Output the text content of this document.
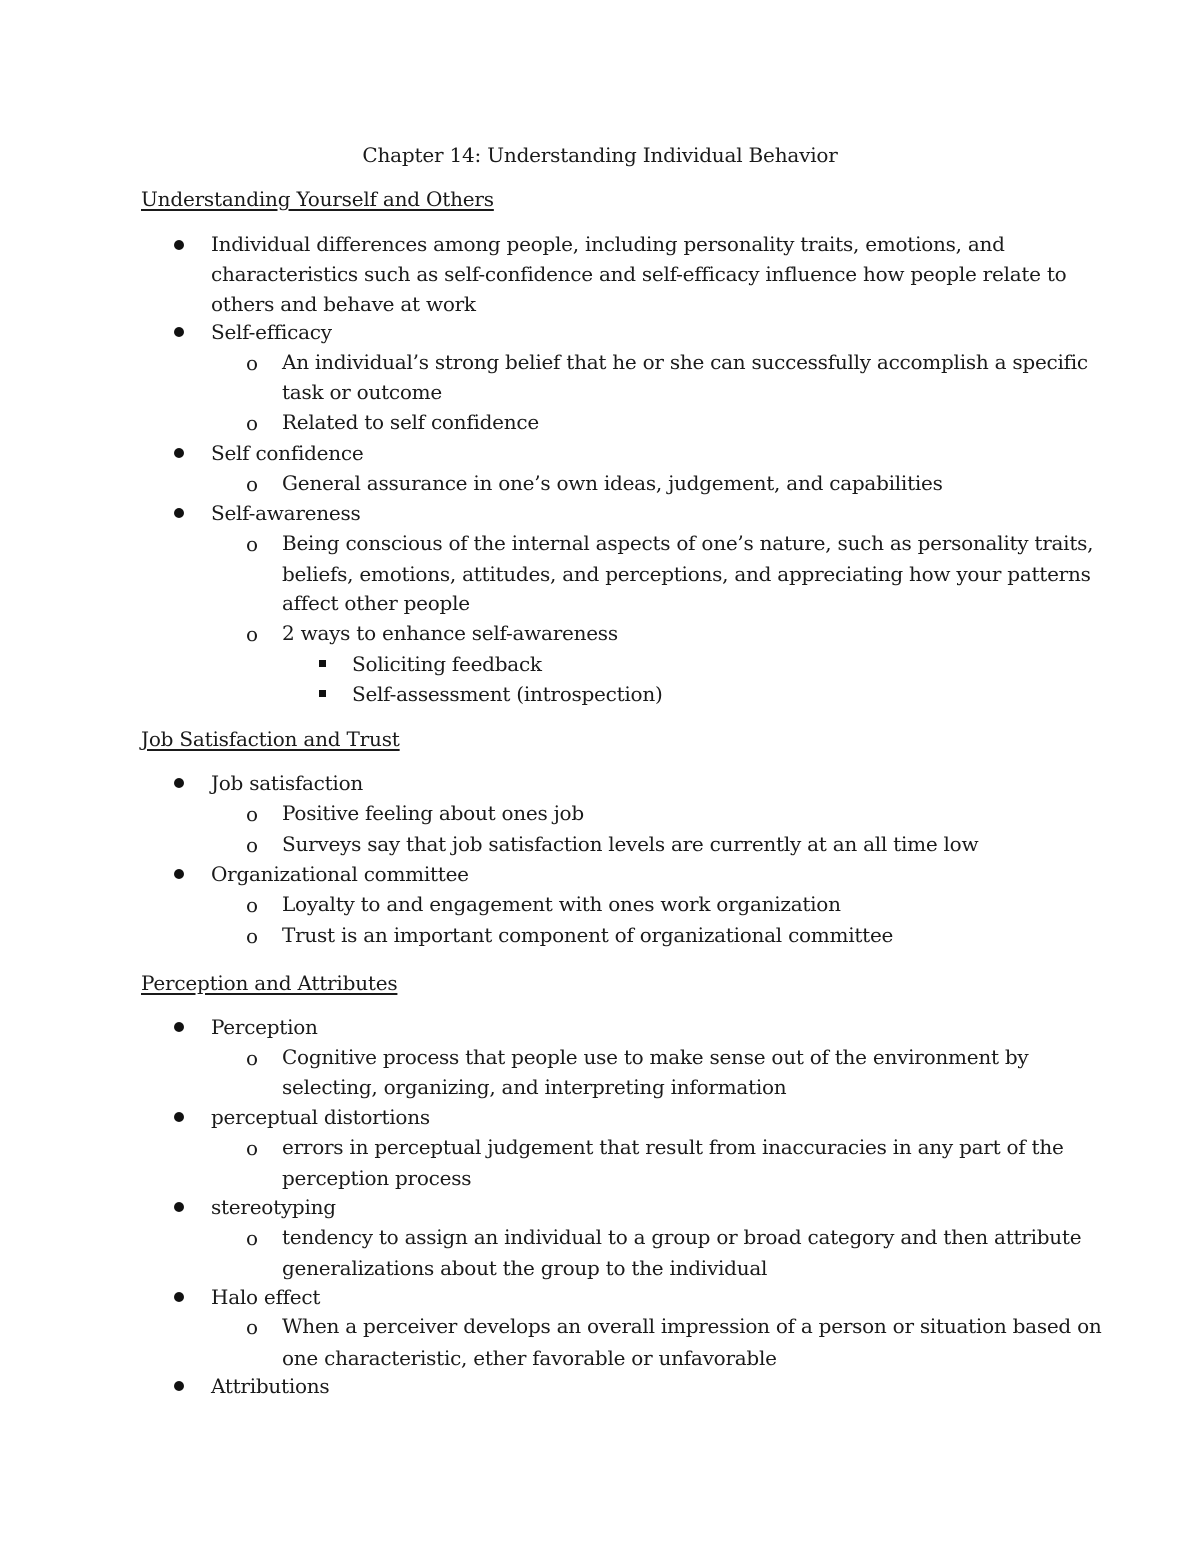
Chapter 14: Understanding Individual Behavior
Understanding Yourself and Others

Individual differences among people, including personality traits, emotions, and

characteristics such as self-confidence and self-efficacy influence how people relate to

others and behave at work

Self-efficacy

o An individual’s strong belief that he or she can successfully accomplish a specific

task or outcome

o Related to self confidence

Self confidence

o General assurance in one’s own ideas, judgement, and capabilities

Self-awareness

o Being conscious of the internal aspects of one’s nature, such as personality traits,

beliefs, emotions, attitudes, and perceptions, and appreciating how your patterns

affect other people

o 2 ways to enhance self-awareness

Soliciting feedback

Self-assessment (introspection)

Job Satisfaction and Trust

Job satisfaction

o Positive feeling about ones job

o Surveys say that job satisfaction levels are currently at an all time low

Organizational committee

o Loyalty to and engagement with ones work organization

o Trust is an important component of organizational committee

Perception and Attributes

Perception

o Cognitive process that people use to make sense out of the environment by

selecting, organizing, and interpreting information

perceptual distortions

o errors in perceptual judgement that result from inaccuracies in any part of the

perception process

stereotyping

o tendency to assign an individual to a group or broad category and then attribute

generalizations about the group to the individual

Halo effect

o When a perceiver develops an overall impression of a person or situation based on

one characteristic, ether favorable or unfavorable

Attributions
